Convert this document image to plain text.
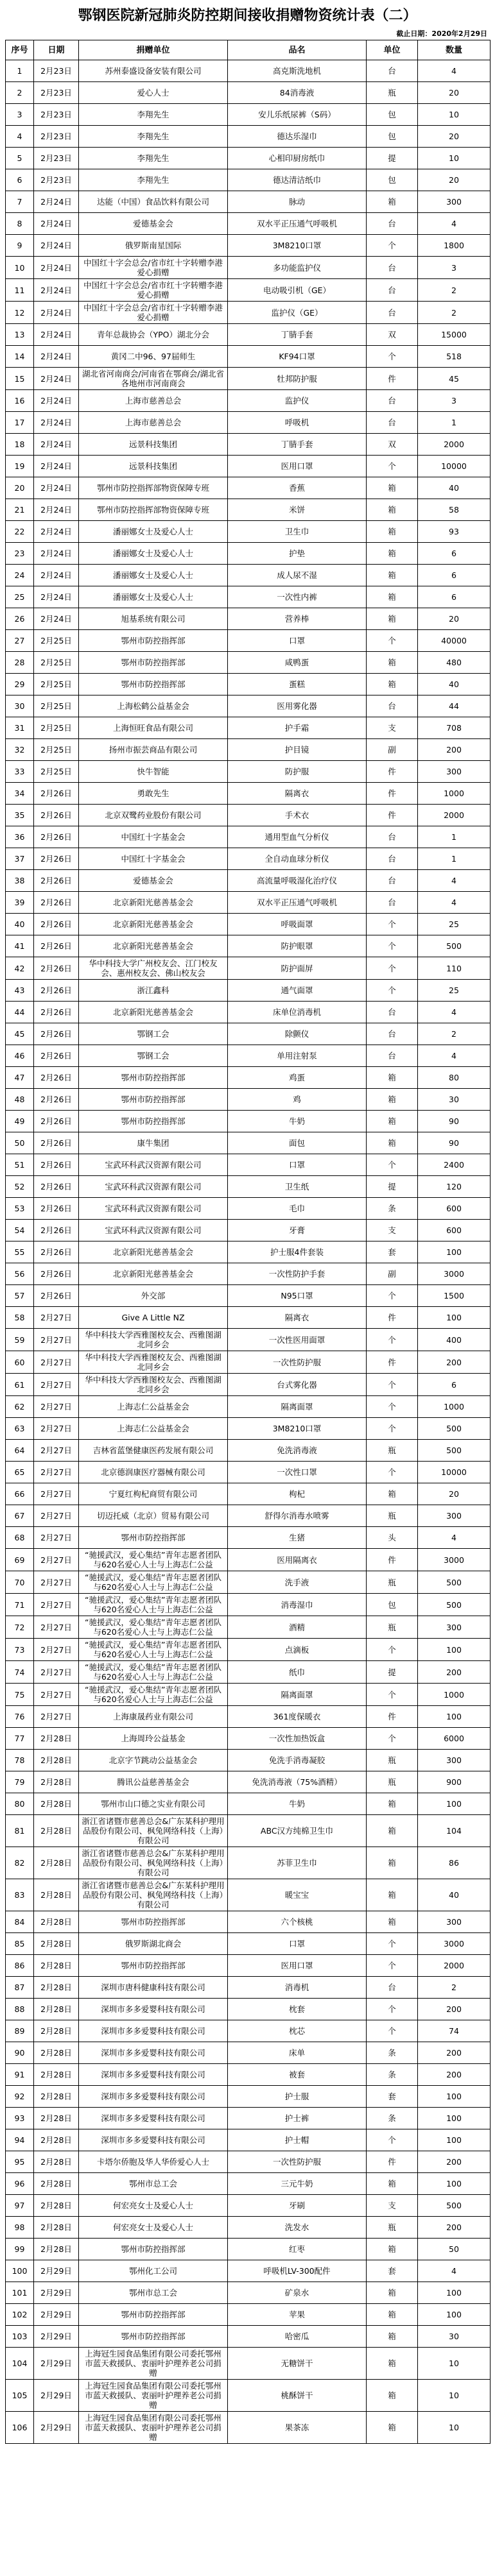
鄂钢医院新冠肺炎防控期间接收捐赠物资统计表（二）
截止日期：2020年2月29日
序号	日期	捐赠单位	品名	单位	数量
1	2月23日	苏州泰盛设备安装有限公司	高克斯洗地机	台	4
2	2月23日	爱心人士	84消毒液	瓶	20
3	2月23日	李翔先生	安儿乐纸尿裤（S码）	包	10
4	2月23日	李翔先生	德达乐湿巾	包	20
5	2月23日	李翔先生	心相印厨房纸巾	提	10
6	2月23日	李翔先生	德达清洁纸巾	包	20
7	2月24日	达能（中国）食品饮料有限公司	脉动	箱	300
8	2月24日	爱德基金会	双水平正压通气呼吸机	台	4
9	2月24日	俄罗斯南星国际	3M8210口罩	个	1800
10	2月24日	中国红十字会总会/省市红十字转赠李港爱心捐赠	多功能监护仪	台	3
11	2月24日	中国红十字会总会/省市红十字转赠李港爱心捐赠	电动吸引机（GE）	台	2
12	2月24日	中国红十字会总会/省市红十字转赠李港爱心捐赠	监护仪（GE）	台	2
13	2月24日	青年总裁协会（YPO）湖北分会	丁腈手套	双	15000
14	2月24日	黄冈二中96、97届师生	KF94口罩	个	518
15	2月24日	湖北省河南商会/河南省在鄂商会/湖北省各地州市河南商会	牡邦防护服	件	45
16	2月24日	上海市慈善总会	监护仪	台	3
17	2月24日	上海市慈善总会	呼吸机	台	1
18	2月24日	远景科技集团	丁腈手套	双	2000
19	2月24日	远景科技集团	医用口罩	个	10000
20	2月24日	鄂州市防控指挥部物资保障专班	香蕉	箱	40
21	2月24日	鄂州市防控指挥部物资保障专班	米饼	箱	58
22	2月24日	潘丽娜女士及爱心人士	卫生巾	箱	93
23	2月24日	潘丽娜女士及爱心人士	护垫	箱	6
24	2月24日	潘丽娜女士及爱心人士	成人尿不湿	箱	6
25	2月24日	潘丽娜女士及爱心人士	一次性内裤	箱	6
26	2月24日	旭基系统有限公司	营养棒	箱	20
27	2月25日	鄂州市防控指挥部	口罩	个	40000
28	2月25日	鄂州市防控指挥部	咸鸭蛋	箱	480
29	2月25日	鄂州市防控指挥部	蛋糕	箱	40
30	2月25日	上海松鹤公益基金会	医用雾化器	台	44
31	2月25日	上海恒旺食品有限公司	护手霜	支	708
32	2月25日	扬州市振芸商品有限公司	护目镜	副	200
33	2月25日	快牛智能	防护服	件	300
34	2月26日	勇敢先生	隔离衣	件	1000
35	2月26日	北京双鹭药业股份有限公司	手术衣	件	2000
36	2月26日	中国红十字基金会	通用型血气分析仪	台	1
37	2月26日	中国红十字基金会	全自动血球分析仪	台	1
38	2月26日	爱德基金会	高流量呼吸湿化治疗仪	台	4
39	2月26日	北京新阳光慈善基金会	双水平正压通气呼吸机	台	4
40	2月26日	北京新阳光慈善基金会	呼吸面罩	个	25
41	2月26日	北京新阳光慈善基金会	防护眼罩	个	500
42	2月26日	华中科技大学广州校友会、江门校友会、惠州校友会、佛山校友会	防护面屏	个	110
43	2月26日	浙江鑫科	通气面罩	个	25
44	2月26日	北京新阳光慈善基金会	床单位消毒机	台	4
45	2月26日	鄂钢工会	除颤仪	台	2
46	2月26日	鄂钢工会	单用注射泵	台	4
47	2月26日	鄂州市防控指挥部	鸡蛋	箱	80
48	2月26日	鄂州市防控指挥部	鸡	箱	30
49	2月26日	鄂州市防控指挥部	牛奶	箱	90
50	2月26日	康牛集团	面包	箱	90
51	2月26日	宝武环科武汉资源有限公司	口罩	个	2400
52	2月26日	宝武环科武汉资源有限公司	卫生纸	提	120
53	2月26日	宝武环科武汉资源有限公司	毛巾	条	600
54	2月26日	宝武环科武汉资源有限公司	牙膏	支	600
55	2月26日	北京新阳光慈善基金会	护士服4件套装	套	100
56	2月26日	北京新阳光慈善基金会	一次性防护手套	副	3000
57	2月26日	外交部	N95口罩	个	1500
58	2月27日	Give A Little NZ	隔离衣	件	100
59	2月27日	华中科技大学西雅图校友会、西雅图湖北同乡会	一次性医用面罩	个	400
60	2月27日	华中科技大学西雅图校友会、西雅图湖北同乡会	一次性防护服	件	200
61	2月27日	华中科技大学西雅图校友会、西雅图湖北同乡会	台式雾化器	个	6
62	2月27日	上海志仁公益基金会	隔离面罩	个	1000
63	2月27日	上海志仁公益基金会	3M8210口罩	个	500
64	2月27日	吉林省蓝堡健康医药发展有限公司	免洗消毒液	瓶	500
65	2月27日	北京德润康医疗器械有限公司	一次性口罩	个	10000
66	2月27日	宁夏红枸杞商贸有限公司	枸杞	箱	20
67	2月27日	切迈托威（北京）贸易有限公司	舒得尔消毒水喷雾	瓶	300
68	2月27日	鄂州市防控指挥部	生猪	头	4
69	2月27日	“驰援武汉，爱心集结”青年志愿者团队与620名爱心人士与上海志仁公益	医用隔离衣	件	3000
70	2月27日	“驰援武汉，爱心集结”青年志愿者团队与620名爱心人士与上海志仁公益	洗手液	瓶	500
71	2月27日	“驰援武汉，爱心集结”青年志愿者团队与620名爱心人士与上海志仁公益	消毒湿巾	包	500
72	2月27日	“驰援武汉，爱心集结”青年志愿者团队与620名爱心人士与上海志仁公益	酒精	瓶	300
73	2月27日	“驰援武汉，爱心集结”青年志愿者团队与620名爱心人士与上海志仁公益	点滴板	个	100
74	2月27日	“驰援武汉，爱心集结”青年志愿者团队与620名爱心人士与上海志仁公益	纸巾	提	200
75	2月27日	“驰援武汉，爱心集结”青年志愿者团队与620名爱心人士与上海志仁公益	隔离面罩	个	1000
76	2月27日	上海康晟药业有限公司	361度保暖衣	件	100
77	2月28日	上海周玲公益基金	一次性加热饭盒	个	6000
78	2月28日	北京字节跳动公益基金会	免洗手消毒凝胶	瓶	300
79	2月28日	腾讯公益慈善基金会	免洗消毒液（75%酒精）	瓶	900
80	2月28日	鄂州市山口德之实业有限公司	牛奶	箱	100
81	2月28日	浙江省诸暨市慈善总会&广东某科护理用品股份有限公司、枫兔网络科技（上海）有限公司	ABC汉方纯棉卫生巾	箱	104
82	2月28日	浙江省诸暨市慈善总会&广东某科护理用品股份有限公司、枫兔网络科技（上海）有限公司	苏菲卫生巾	箱	86
83	2月28日	浙江省诸暨市慈善总会&广东某科护理用品股份有限公司、枫兔网络科技（上海）有限公司	暖宝宝	箱	40
84	2月28日	鄂州市防控指挥部	六个核桃	箱	300
85	2月28日	俄罗斯湖北商会	口罩	个	3000
86	2月28日	鄂州市防控指挥部	医用口罩	个	2000
87	2月28日	深圳市唐科健康科技有限公司	消毒机	台	2
88	2月28日	深圳市多多爱婴科技有限公司	枕套	个	200
89	2月28日	深圳市多多爱婴科技有限公司	枕芯	个	74
90	2月28日	深圳市多多爱婴科技有限公司	床单	条	200
91	2月28日	深圳市多多爱婴科技有限公司	被套	条	200
92	2月28日	深圳市多多爱婴科技有限公司	护士服	套	100
93	2月28日	深圳市多多爱婴科技有限公司	护士裤	条	100
94	2月28日	深圳市多多爱婴科技有限公司	护士帽	个	100
95	2月28日	卡塔尔侨胞及华人华侨爱心人士	一次性防护服	件	200
96	2月28日	鄂州市总工会	三元牛奶	箱	100
97	2月28日	何宏亮女士及爱心人士	牙刷	支	500
98	2月28日	何宏亮女士及爱心人士	洗发水	瓶	200
99	2月28日	鄂州市防控指挥部	红枣	箱	50
100	2月29日	鄂州化工公司	呼吸机LV-300配件	套	4
101	2月29日	鄂州市总工会	矿泉水	箱	100
102	2月29日	鄂州市防控指挥部	苹果	箱	100
103	2月29日	鄂州市防控指挥部	哈密瓜	箱	30
104	2月29日	上海冠生园食品集团有限公司委托鄂州市蓝天救援队、衷丽叶护理养老公司捐赠	无糖饼干	箱	10
105	2月29日	上海冠生园食品集团有限公司委托鄂州市蓝天救援队、衷丽叶护理养老公司捐赠	桃酥饼干	箱	10
106	2月29日	上海冠生园食品集团有限公司委托鄂州市蓝天救援队、衷丽叶护理养老公司捐赠	果茶冻	箱	10
